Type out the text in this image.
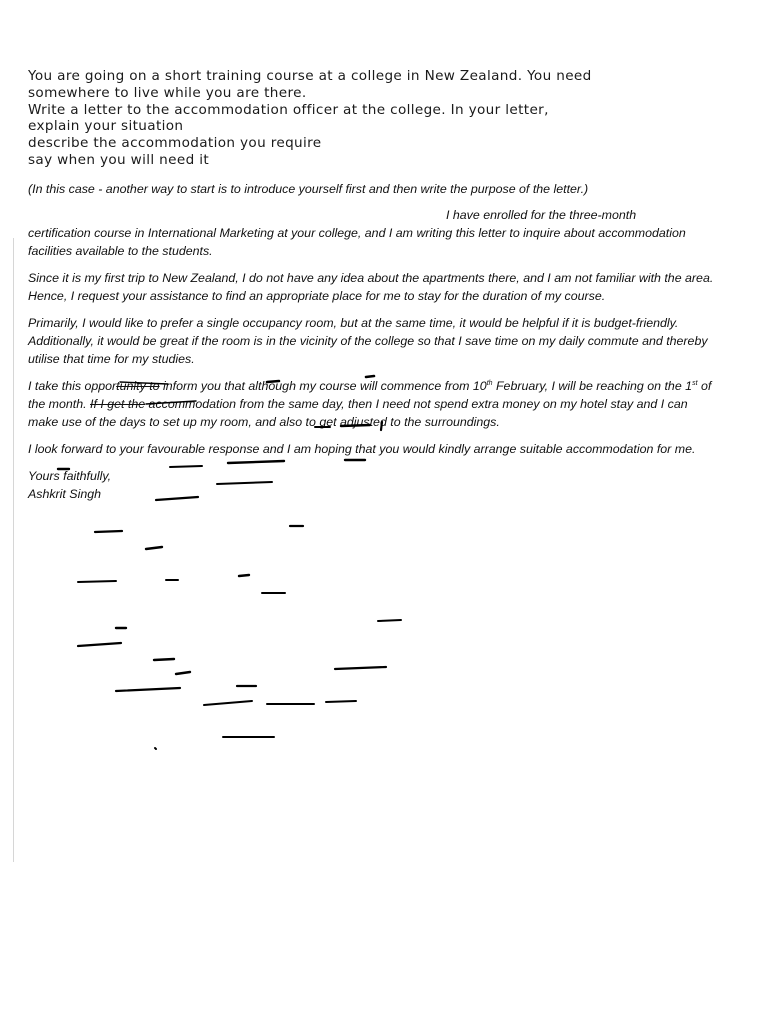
You are going on a short training course at a college in New Zealand. You need
somewhere to live while you are there.
Write a letter to the accommodation officer at the college. In your letter,
explain your situation
describe the accommodation you require
say when you will need it

(In this case - another way to start is to introduce yourself first and then write the purpose of the letter.)

I have enrolled for the three-month
certification course in International Marketing at your college, and I am writing this letter to inquire about accommodation facilities available to the students.

Since it is my first trip to New Zealand, I do not have any idea about the apartments there, and I am not familiar with the area. Hence, I request your assistance to find an appropriate place for me to stay for the duration of my course.

Primarily, I would like to prefer a single occupancy room, but at the same time, it would be helpful if it is budget-friendly. Additionally, it would be great if the room is in the vicinity of the college so that I save time on my daily commute and thereby utilise that time for my studies.

I take this opportunity to inform you that although my course will commence from 10th February, I will be reaching on the 1st of the month. If I get the accommodation from the same day, then I need not spend extra money on my hotel stay and I can make use of the days to set up my room, and also to get adjusted to the surroundings.

I look forward to your favourable response and I am hoping that you would kindly arrange suitable accommodation for me.

Yours faithfully,

Ashkrit Singh
